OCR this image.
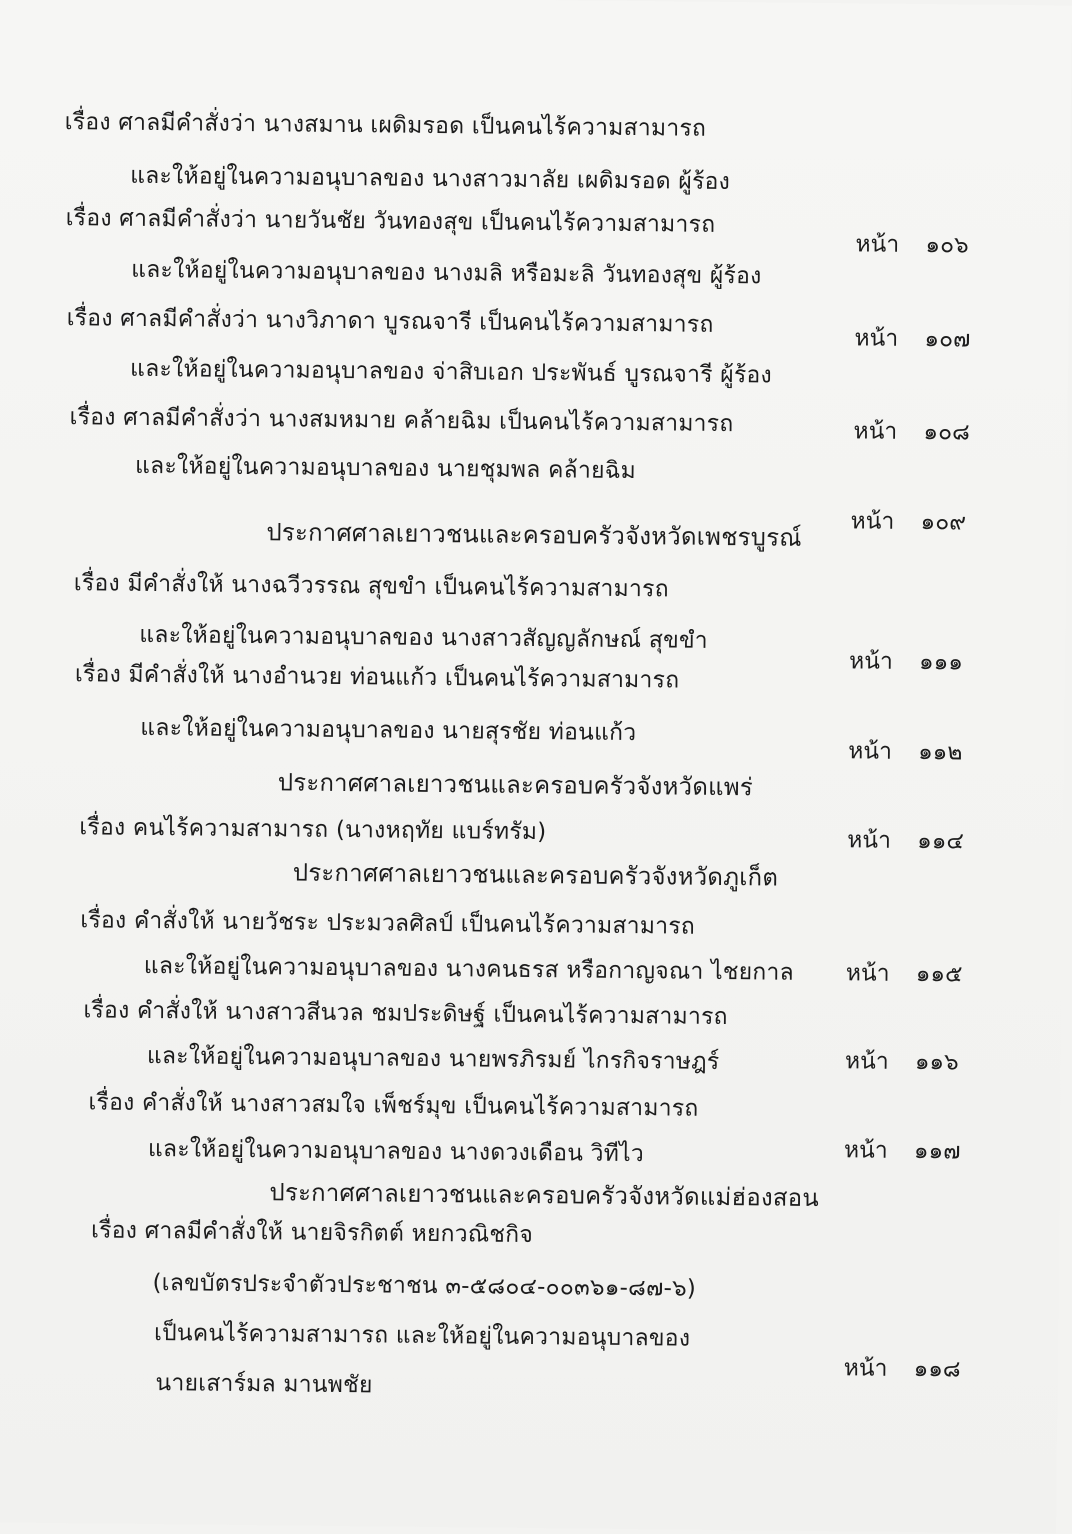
เรื่อง ศาลมีคำสั่งว่า นางสมาน เผดิมรอด เป็นคนไร้ความสามารถ
และให้อยู่ในความอนุบาลของ นางสาวมาลัย เผดิมรอด ผู้ร้อง
หน้า ๑๐๖
เรื่อง ศาลมีคำสั่งว่า นายวันชัย วันทองสุข เป็นคนไร้ความสามารถ
และให้อยู่ในความอนุบาลของ นางมลิ หรือมะลิ วันทองสุข ผู้ร้อง
หน้า ๑๐๗
เรื่อง ศาลมีคำสั่งว่า นางวิภาดา บูรณจารี เป็นคนไร้ความสามารถ
และให้อยู่ในความอนุบาลของ จ่าสิบเอก ประพันธ์ บูรณจารี ผู้ร้อง
หน้า ๑๐๘
เรื่อง ศาลมีคำสั่งว่า นางสมหมาย คล้ายฉิม เป็นคนไร้ความสามารถ
และให้อยู่ในความอนุบาลของ นายชุมพล คล้ายฉิม
หน้า ๑๐๙
ประกาศศาลเยาวชนและครอบครัวจังหวัดเพชรบูรณ์
เรื่อง มีคำสั่งให้ นางฉวีวรรณ สุขขำ เป็นคนไร้ความสามารถ
และให้อยู่ในความอนุบาลของ นางสาวสัญญลักษณ์ สุขขำ
หน้า ๑๑๑
เรื่อง มีคำสั่งให้ นางอำนวย ท่อนแก้ว เป็นคนไร้ความสามารถ
และให้อยู่ในความอนุบาลของ นายสุรชัย ท่อนแก้ว
หน้า ๑๑๒
ประกาศศาลเยาวชนและครอบครัวจังหวัดแพร่
เรื่อง คนไร้ความสามารถ (นางหฤทัย แบร์ทรัม)	หน้า ๑๑๔
ประกาศศาลเยาวชนและครอบครัวจังหวัดภูเก็ต
เรื่อง คำสั่งให้ นายวัชระ ประมวลศิลป์ เป็นคนไร้ความสามารถ
และให้อยู่ในความอนุบาลของ นางคนธรส หรือกาญจณา ไชยกาล หน้า ๑๑๕
เรื่อง คำสั่งให้ นางสาวสีนวล ชมประดิษฐ์ เป็นคนไร้ความสามารถ
และให้อยู่ในความอนุบาลของ นายพรภิรมย์ ไกรกิจราษฎร์	หน้า ๑๑๖
เรื่อง คำสั่งให้ นางสาวสมใจ เพ็ชร์มุข เป็นคนไร้ความสามารถ
และให้อยู่ในความอนุบาลของ นางดวงเดือน วิทีไว	หน้า ๑๑๗
ประกาศศาลเยาวชนและครอบครัวจังหวัดแม่ฮ่องสอน
เรื่อง ศาลมีคำสั่งให้ นายจิรกิตต์ หยกวณิชกิจ
(เลขบัตรประจำตัวประชาชน ๓-๕๘๐๔-๐๐๓๖๑-๘๗-๖)
เป็นคนไร้ความสามารถ และให้อยู่ในความอนุบาลของ
นายเสาร์มล มานพชัย
หน้า ๑๑๘
